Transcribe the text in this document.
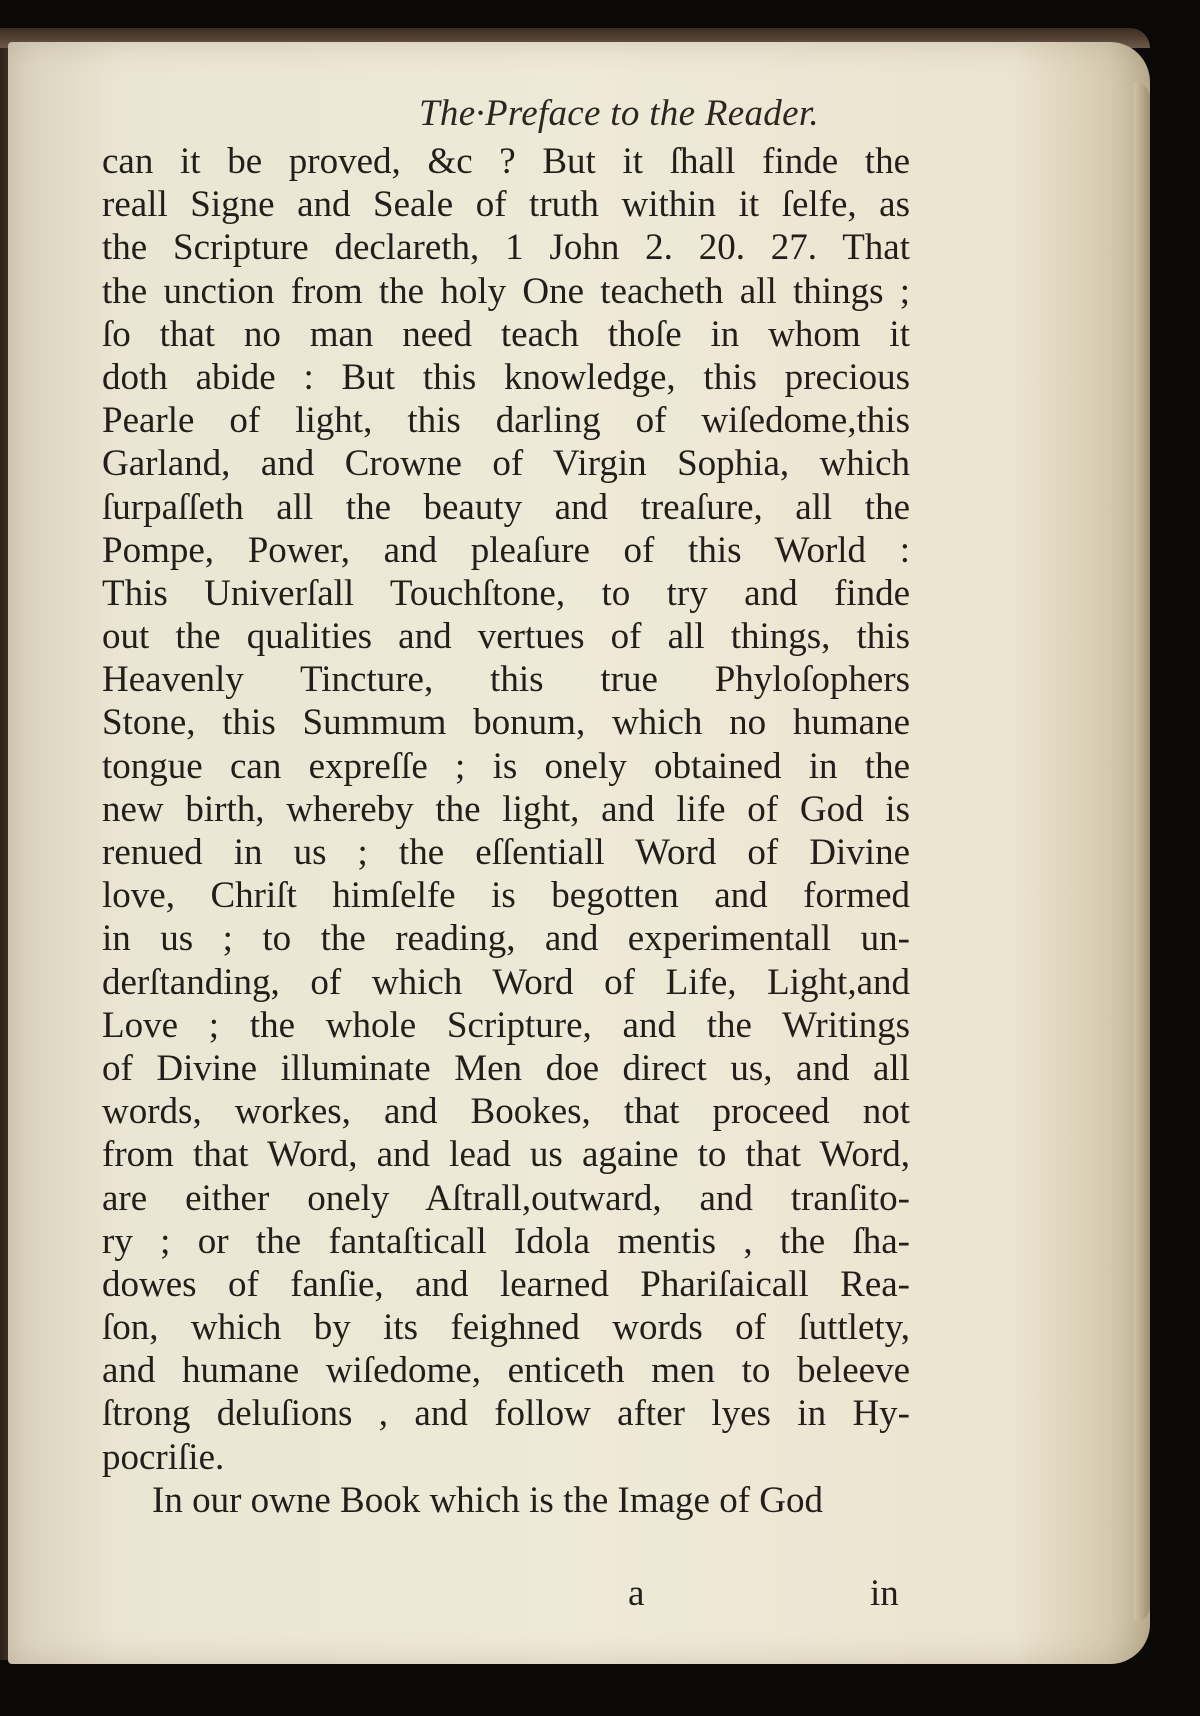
The·Preface to the Reader.
can it be proved, &c ? But it ſhall finde the
reall Signe and Seale of truth within it ſelfe, as
the Scripture declareth, 1 John 2. 20. 27. That
the unction from the holy One teacheth all things ;
ſo that no man need teach thoſe in whom it
doth abide : But this knowledge, this precious
Pearle of light, this darling of wiſedome,this
Garland, and Crowne of Virgin Sophia, which
ſurpaſſeth all the beauty and treaſure, all the
Pompe, Power, and pleaſure of this World :
This Univerſall Touchſtone, to try and finde
out the qualities and vertues of all things, this
Heavenly Tincture, this true Phyloſophers
Stone, this Summum bonum, which no humane
tongue can expreſſe ; is onely obtained in the
new birth, whereby the light, and life of God is
renued in us ; the eſſentiall Word of Divine
love, Chriſt himſelfe is begotten and formed
in us ; to the reading, and experimentall un-
derſtanding, of which Word of Life, Light,and
Love ; the whole Scripture, and the Writings
of Divine illuminate Men doe direct us, and all
words, workes, and Bookes, that proceed not
from that Word, and lead us againe to that Word,
are either onely Aſtrall,outward, and tranſito-
ry ; or the fantaſticall Idola mentis , the ſha-
dowes of fanſie, and learned Phariſaicall Rea-
ſon, which by its feighned words of ſuttlety,
and humane wiſedome, enticeth men to beleeve
ſtrong deluſions , and follow after lyes in Hy-
pocriſie.
In our owne Book which is the Image of God
a	in
